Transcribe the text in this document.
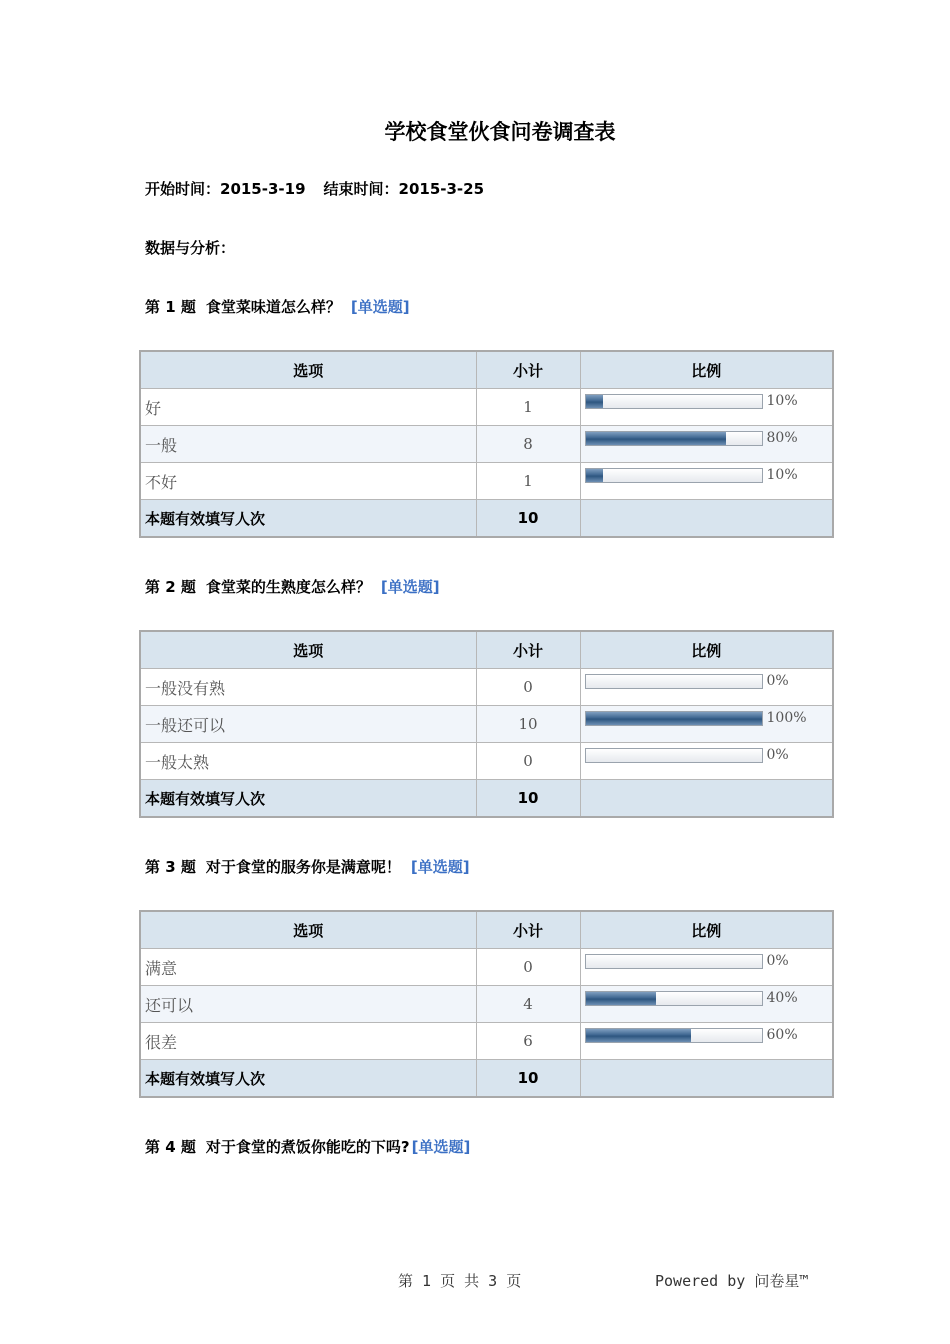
学校食堂伙食问卷调查表
开始时间：2015-3-19 结束时间：2015-3-25
数据与分析：
第 1 题 食堂菜味道怎么样？ [单选题]
选项	小计	比例
好	1	10%

一般	8	80%

不好	1	10%

本题有效填写人次	10	
第 2 题 食堂菜的生熟度怎么样？ [单选题]
选项	小计	比例
一般没有熟	0	0%

一般还可以	10	100%

一般太熟	0	0%

本题有效填写人次	10	
第 3 题 对于食堂的服务你是满意呢！ [单选题]
选项	小计	比例
满意	0	0%

还可以	4	40%

很差	6	60%

本题有效填写人次	10	
第 4 题 对于食堂的煮饭你能吃的下吗? [单选题]
第 1 页 共 3 页	Powered by 问卷星™
